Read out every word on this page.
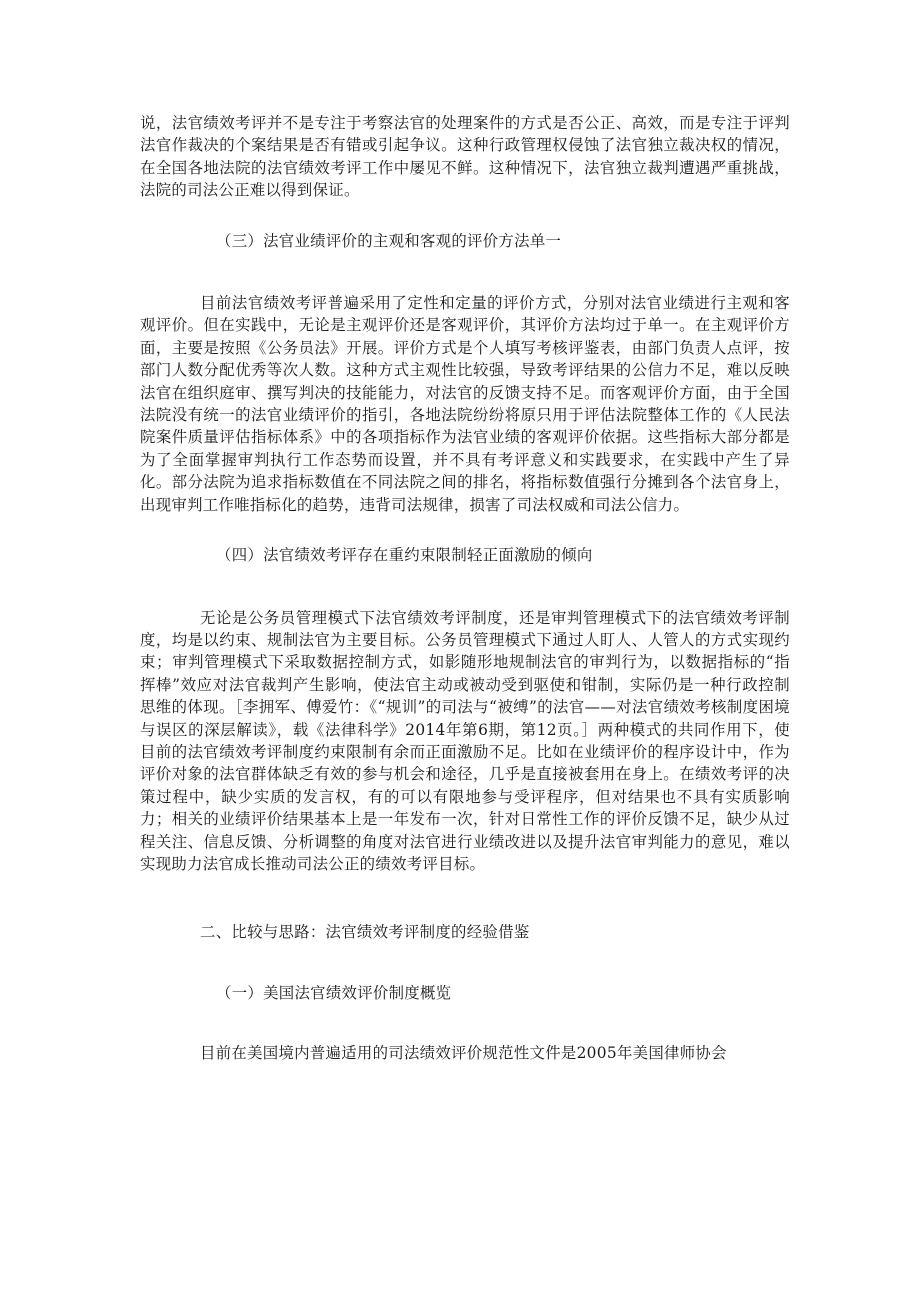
说，法官绩效考评并不是专注于考察法官的处理案件的方式是否公正、高效，而是专注于评判法官作裁决的个案结果是否有错或引起争议。这种行政管理权侵蚀了法官独立裁决权的情况，在全国各地法院的法官绩效考评工作中屡见不鲜。这种情况下，法官独立裁判遭遇严重挑战，法院的司法公正难以得到保证。

（三）法官业绩评价的主观和客观的评价方法单一

目前法官绩效考评普遍采用了定性和定量的评价方式，分别对法官业绩进行主观和客观评价。但在实践中，无论是主观评价还是客观评价，其评价方法均过于单一。在主观评价方面，主要是按照《公务员法》开展。评价方式是个人填写考核评鉴表，由部门负责人点评，按部门人数分配优秀等次人数。这种方式主观性比较强，导致考评结果的公信力不足，难以反映法官在组织庭审、撰写判决的技能能力，对法官的反馈支持不足。而客观评价方面，由于全国法院没有统一的法官业绩评价的指引，各地法院纷纷将原只用于评估法院整体工作的《人民法院案件质量评估指标体系》中的各项指标作为法官业绩的客观评价依据。这些指标大部分都是为了全面掌握审判执行工作态势而设置，并不具有考评意义和实践要求，在实践中产生了异化。部分法院为追求指标数值在不同法院之间的排名，将指标数值强行分摊到各个法官身上，出现审判工作唯指标化的趋势，违背司法规律，损害了司法权威和司法公信力。

（四）法官绩效考评存在重约束限制轻正面激励的倾向

无论是公务员管理模式下法官绩效考评制度，还是审判管理模式下的法官绩效考评制度，均是以约束、规制法官为主要目标。公务员管理模式下通过人盯人、人管人的方式实现约束；审判管理模式下采取数据控制方式，如影随形地规制法官的审判行为，以数据指标的“指挥棒”效应对法官裁判产生影响，使法官主动或被动受到驱使和钳制，实际仍是一种行政控制思维的体现。［李拥军、傅爱竹：《“规训”的司法与“被缚”的法官——对法官绩效考核制度困境与误区的深层解读》，载《法律科学》2014年第6期，第12页。］两种模式的共同作用下，使目前的法官绩效考评制度约束限制有余而正面激励不足。比如在业绩评价的程序设计中，作为评价对象的法官群体缺乏有效的参与机会和途径，几乎是直接被套用在身上。在绩效考评的决策过程中，缺少实质的发言权，有的可以有限地参与受评程序，但对结果也不具有实质影响力；相关的业绩评价结果基本上是一年发布一次，针对日常性工作的评价反馈不足，缺少从过程关注、信息反馈、分析调整的角度对法官进行业绩改进以及提升法官审判能力的意见，难以实现助力法官成长推动司法公正的绩效考评目标。

二、比较与思路：法官绩效考评制度的经验借鉴

（一）美国法官绩效评价制度概览

目前在美国境内普遍适用的司法绩效评价规范性文件是2005年美国律师协会
